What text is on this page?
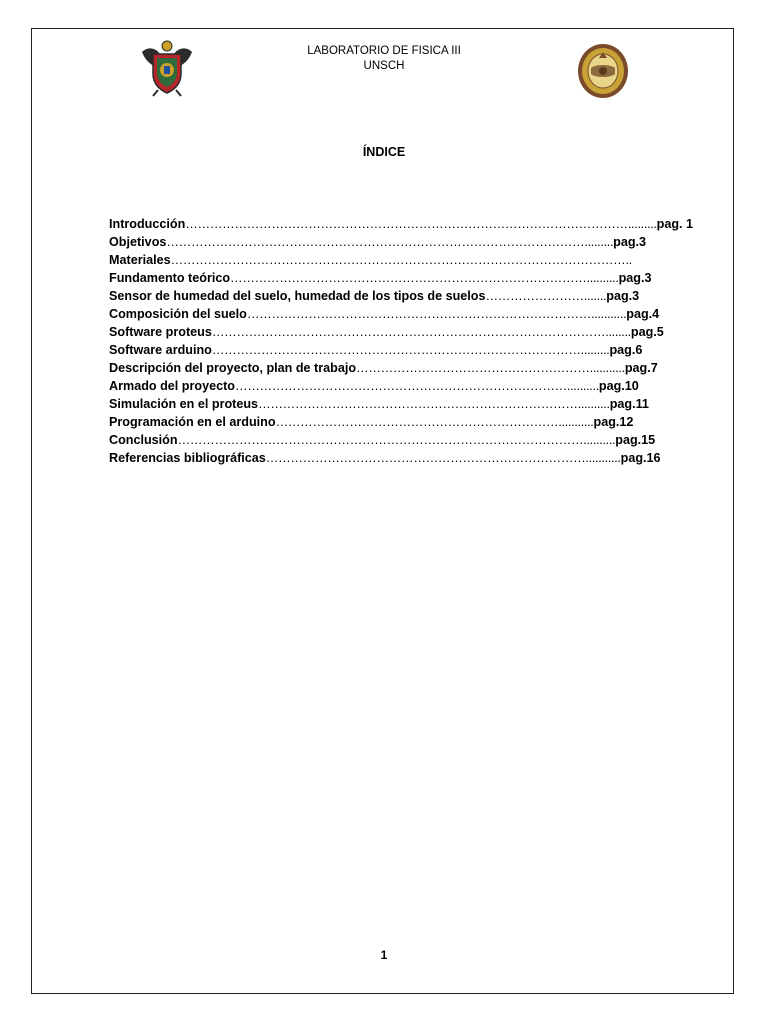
LABORATORIO DE FISICA III
UNSCH
ÍNDICE
Introducción……………………………………………………………………………………………….........pag. 1
Objetivos………………………………………………………………………………………….........pag.3
Materiales…………………………………………………………………………………………………..
Fundamento teórico……………………………………………………………………………..........pag.3
Sensor de humedad del suelo, humedad de los tipos de suelos…………………….......pag.3
Composición del suelo…………………………………………………………………………...........pag.4
Software proteus……………………………………………………………………………………........pag.5
Software arduino……………………………………………………………………………….........pag.6
Descripción del proyecto, plan de trabajo…………………………………………………...........pag.7
Armado del proyecto………………………………………………………………………..........pag.10
Simulación en el proteus……………………………………………………………………..........pag.11
Programación en el arduino……………………………………………………………...........pag.12
Conclusión………………………………………………………………………………………..........pag.15
Referencias bibliográficas……………………………………………………………………...........pag.16
1
